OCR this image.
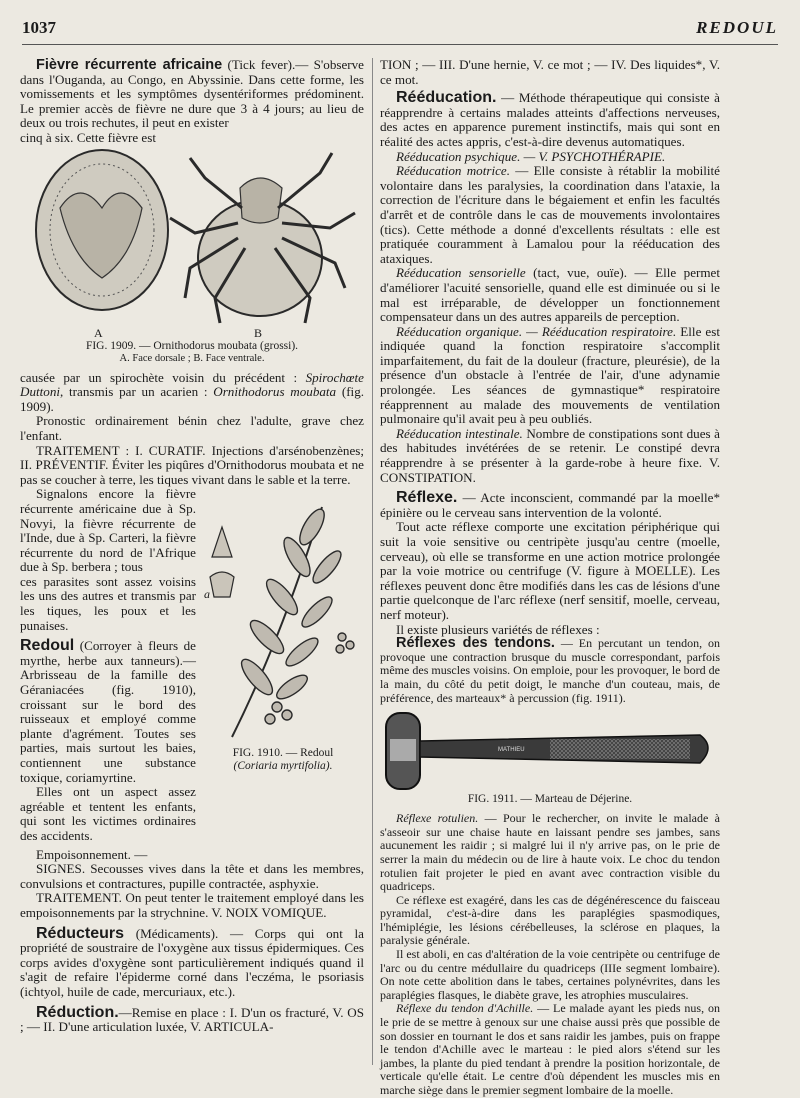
1037	REDOUL

Fièvre récurrente africaine (Tick fever).— S'observe dans l'Ouganda, au Congo, en Abyssinie. Dans cette forme, les vomissements et les symptômes dysentériformes prédominent. Le premier accès de fièvre ne dure que 3 à 4 jours; au lieu de deux ou trois rechutes, il peut en exister

cinq à six. Cette fièvre est

A	B

FIG. 1909. — Ornithodorus moubata (grossi).

A. Face dorsale ; B. Face ventrale.

causée par un spirochète voisin du précédent : Spirochœte Duttoni, transmis par un acarien : Ornithodorus moubata (fig. 1909).

Pronostic ordinairement bénin chez l'adulte, grave chez l'enfant.

TRAITEMENT : I. CURATIF. Injections d'arsénobenzènes; II. PRÉVENTIF. Éviter les piqûres d'Ornithodorus moubata et ne pas se coucher à terre, les tiques vivant dans le sable et la terre.

Signalons encore la fièvre récurrente américaine due à Sp. Novyi, la fièvre récurrente de l'Inde, due à Sp. Carteri, la fièvre récurrente du nord de l'Afrique due à Sp. berbera ; tous

ces parasites sont assez voisins les uns des autres et transmis par les tiques, les poux et les punaises.

Redoul (Corroyer à fleurs de myrthe, herbe aux tanneurs).— Arbrisseau de la famille des Géraniacées (fig. 1910), croissant sur le bord des ruisseaux et employé comme plante d'agrément. Toutes ses parties, mais surtout les baies, contiennent une substance toxique, coriamyrtine.

Elles ont un aspect assez agréable et tentent les enfants, qui sont les victimes ordinaires des accidents.

a

FIG. 1910. — Redoul

(Coriaria myrtifolia).

Empoisonnement. —

SIGNES. Secousses vives dans la tête et dans les membres, convulsions et contractures, pupille contractée, asphyxie.

TRAITEMENT. On peut tenter le traitement employé dans les empoisonnements par la strychnine. V. NOIX VOMIQUE.

Réducteurs (Médicaments). — Corps qui ont la propriété de soustraire de l'oxygène aux tissus épidermiques. Ces corps avides d'oxygène sont particulièrement indiqués quand il s'agit de refaire l'épiderme corné dans l'eczéma, le psoriasis (ichtyol, huile de cade, mercuriaux, etc.).

Réduction.—Remise en place : I. D'un os fracturé, V. OS ; — II. D'une articulation luxée, V. ARTICULA-

TION ; — III. D'une hernie, V. ce mot ; — IV. Des liquides*, V. ce mot.

Rééducation. — Méthode thérapeutique qui consiste à réapprendre à certains malades atteints d'affections nerveuses, des actes en apparence purement instinctifs, mais qui sont en réalité des actes appris, c'est-à-dire devenus automatiques.

Rééducation psychique. — V. PSYCHOTHÉRAPIE.

Rééducation motrice. — Elle consiste à rétablir la mobilité volontaire dans les paralysies, la coordination dans l'ataxie, la correction de l'écriture dans le bégaiement et enfin les facultés d'arrêt et de contrôle dans le cas de mouvements involontaires (tics). Cette méthode a donné d'excellents résultats : elle est pratiquée couramment à Lamalou pour la rééducation des ataxiques.

Rééducation sensorielle (tact, vue, ouïe). — Elle permet d'améliorer l'acuité sensorielle, quand elle est diminuée ou si le mal est irréparable, de développer un fonctionnement compensateur dans un des autres appareils de perception.

Rééducation organique. — Rééducation respiratoire. Elle est indiquée quand la fonction respiratoire s'accomplit imparfaitement, du fait de la douleur (fracture, pleurésie), de la présence d'un obstacle à l'entrée de l'air, d'une adynamie prolongée. Les séances de gymnastique* respiratoire réapprennent au malade des mouvements de ventilation pulmonaire qu'il avait peu à peu oubliés.

Rééducation intestinale. Nombre de constipations sont dues à des habitudes invétérées de se retenir. Le constipé devra réapprendre à se présenter à la garde-robe à heure fixe. V. CONSTIPATION.

Réflexe. — Acte inconscient, commandé par la moelle* épinière ou le cerveau sans intervention de la volonté.

Tout acte réflexe comporte une excitation périphérique qui suit la voie sensitive ou centripète jusqu'au centre (moelle, cerveau), où elle se transforme en une action motrice prolongée par la voie motrice ou centrifuge (V. figure à MOELLE). Les réflexes peuvent donc être modifiés dans les cas de lésions d'une partie quelconque de l'arc réflexe (nerf sensitif, moelle, cerveau, nerf moteur).

Il existe plusieurs variétés de réflexes :

Réflexes des tendons. — En percutant un tendon, on provoque une contraction brusque du muscle correspondant, parfois même des muscles voisins. On emploie, pour les provoquer, le bord de la main, du côté du petit doigt, le manche d'un couteau, mais, de préférence, des marteaux* à percussion (fig. 1911).

MATHIEU

FIG. 1911. — Marteau de Déjerine.

Réflexe rotulien. — Pour le rechercher, on invite le malade à s'asseoir sur une chaise haute en laissant pendre ses jambes, sans aucunement les raidir ; si malgré lui il n'y arrive pas, on le prie de serrer la main du médecin ou de lire à haute voix. Le choc du tendon rotulien fait projeter le pied en avant avec contraction visible du quadriceps.

Ce réflexe est exagéré, dans les cas de dégénérescence du faisceau pyramidal, c'est-à-dire dans les paraplégies spasmodiques, l'hémiplégie, les lésions cérébelleuses, la sclérose en plaques, la paralysie générale.

Il est aboli, en cas d'altération de la voie centripète ou centrifuge de l'arc ou du centre médullaire du quadriceps (IIIe segment lombaire). On note cette abolition dans le tabes, certaines polynévrites, dans les paraplégies flasques, le diabète grave, les atrophies musculaires.

Réflexe du tendon d'Achille. — Le malade ayant les pieds nus, on le prie de se mettre à genoux sur une chaise aussi près que possible de son dossier en tournant le dos et sans raidir les jambes, puis on frappe le tendon d'Achille avec le marteau : le pied alors s'étend sur les jambes, la plante du pied tendant à prendre la position horizontale, de verticale qu'elle était. Le centre d'où dépendent les muscles mis en marche siège dans le premier segment lombaire de la moelle.
